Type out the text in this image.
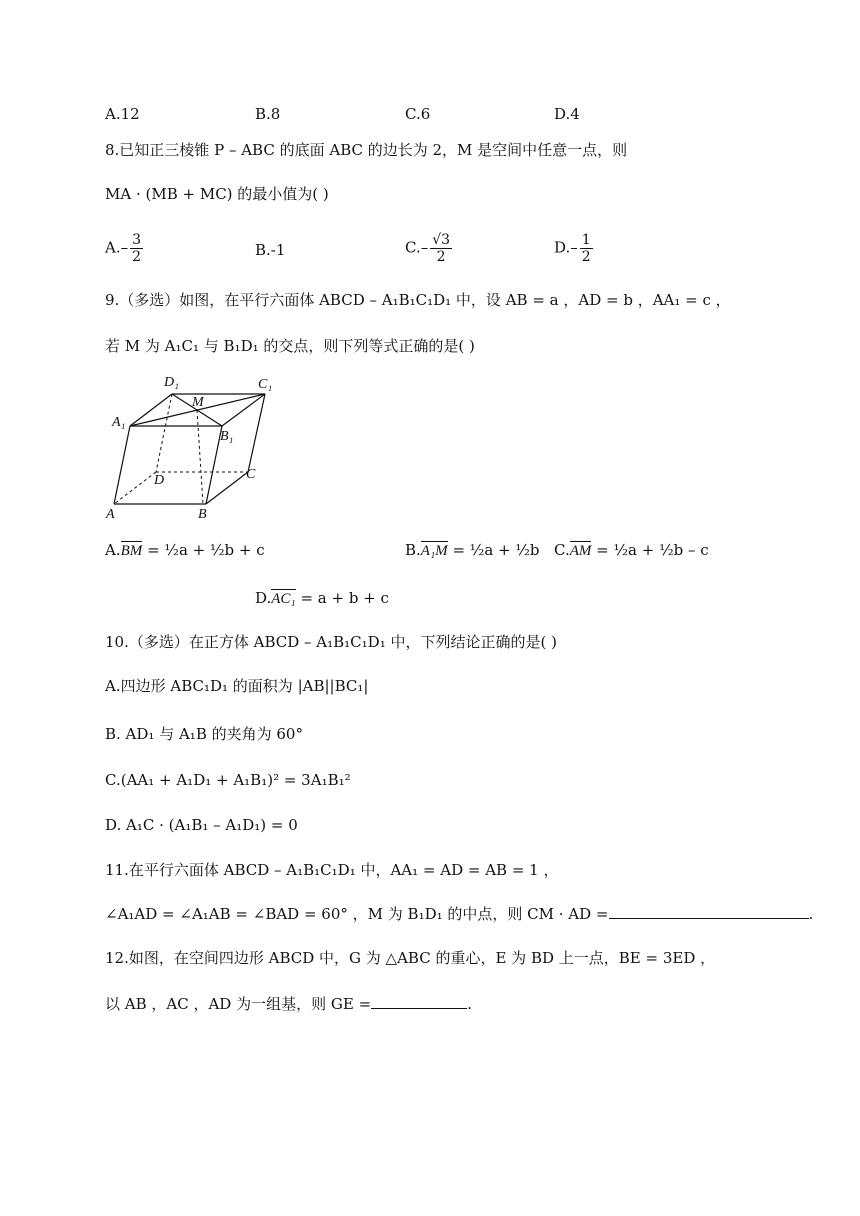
A.12	B.8	C.6	D.4
8.已知正三棱锥 P – ABC 的底面 ABC 的边长为 2，M 是空间中任意一点，则
MA · (MB + MC) 的最小值为( )
$A.- \frac{3}{2}$	B.-1	$C.- \frac{√3}{2}$	$D.- \frac{1}{2}$
9.（多选）如图，在平行六面体 ABCD – A₁B₁C₁D₁ 中，设 AB = a ，AD = b ，AA₁ = c ，
若 M 为 A₁C₁ 与 B₁D₁ 的交点，则下列等式正确的是( )
D₁	C₁
M
A₁
B₁
D	C
A	B
A.BM = ½a + ½b + c	B.A₁M = ½a + ½b C.AM = ½a + ½b – c
D.AC₁ = a + b + c
10.（多选）在正方体 ABCD – A₁B₁C₁D₁ 中，下列结论正确的是( )
A.四边形 ABC₁D₁ 的面积为 |AB||BC₁|
B. AD₁ 与 A₁B 的夹角为 60°
C.(AA₁ + A₁D₁ + A₁B₁)² = 3A₁B₁²
D. A₁C · (A₁B₁ – A₁D₁) = 0
11.在平行六面体 ABCD – A₁B₁C₁D₁ 中，AA₁ = AD = AB = 1 ，
∠A₁AD = ∠A₁AB = ∠BAD = 60° ，M 为 B₁D₁ 的中点，则 CM · AD =	.
12.如图，在空间四边形 ABCD 中，G 为 △ABC 的重心，E 为 BD 上一点，BE = 3ED ，
以 AB ，AC ，AD 为一组基，则 GE =	.
